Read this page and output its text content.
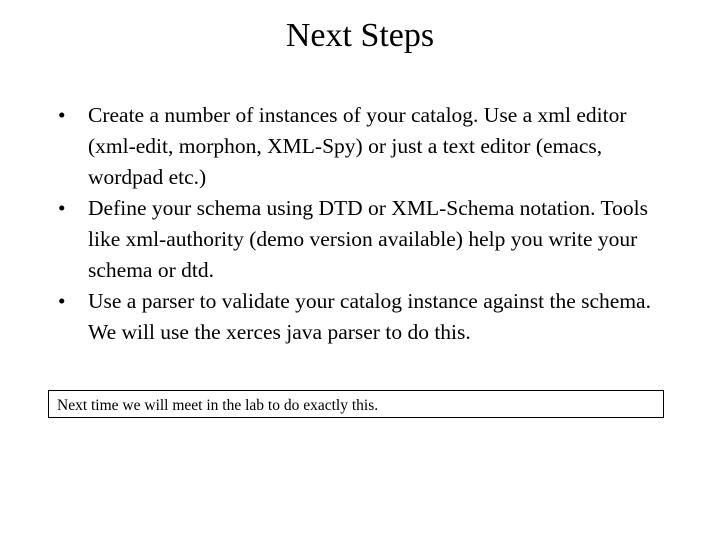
Next Steps
• Create a number of instances of your catalog. Use a xml editor (xml-edit, morphon, XML-Spy) or just a text editor (emacs, wordpad etc.)
• Define your schema using DTD or XML-Schema notation. Tools like xml-authority (demo version available) help you write your schema or dtd.
• Use a parser to validate your catalog instance against the schema. We will use the xerces java parser to do this.
Next time we will meet in the lab to do exactly this.
